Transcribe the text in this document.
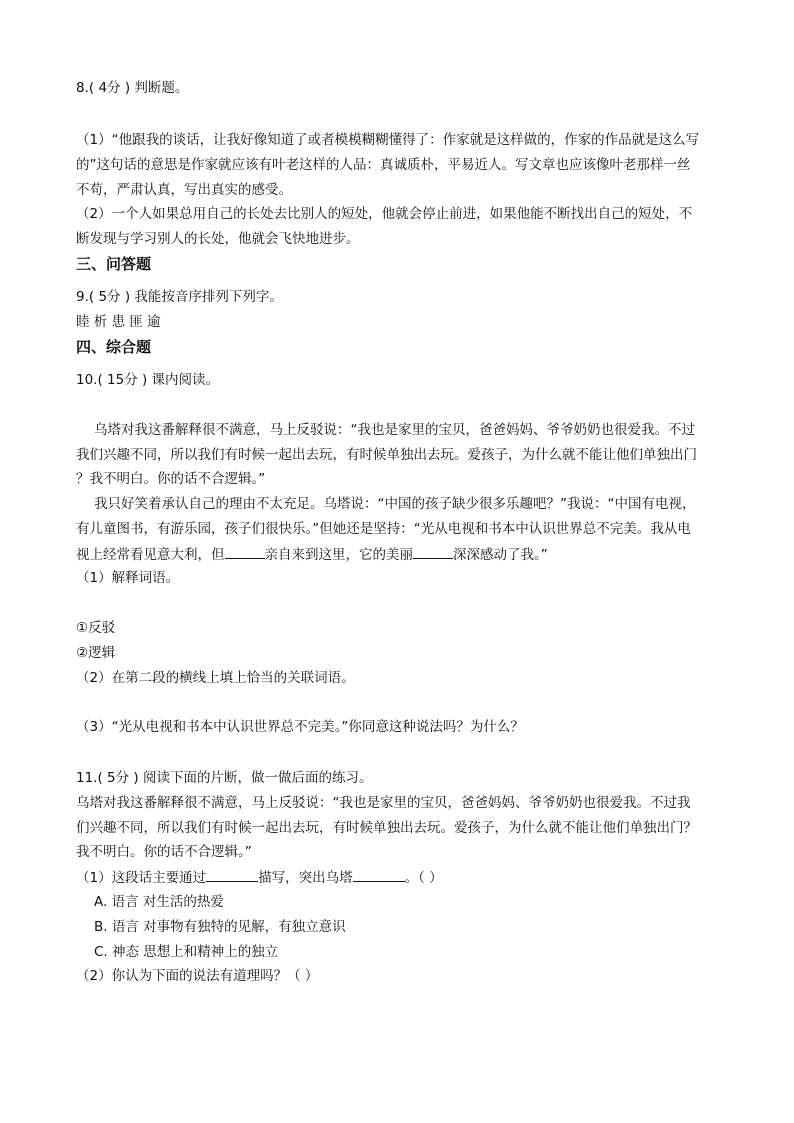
8.( 4分 ) 判断题。
（1）“他跟我的谈话，让我好像知道了或者模模糊糊懂得了：作家就是这样做的，作家的作品就是这么写
的”这句话的意思是作家就应该有叶老这样的人品：真诚质朴，平易近人。写文章也应该像叶老那样一丝
不苟，严肃认真，写出真实的感受。
（2）一个人如果总用自己的长处去比别人的短处，他就会停止前进，如果他能不断找出自己的短处，不
断发现与学习别人的长处，他就会飞快地进步。
三、问答题
9.( 5分 ) 我能按音序排列下列字。
睦 析 患 匪 逾
四、综合题
10.( 15分 ) 课内阅读。
乌塔对我这番解释很不满意，马上反驳说：“我也是家里的宝贝，爸爸妈妈、爷爷奶奶也很爱我。不过
我们兴趣不同，所以我们有时候一起出去玩，有时候单独出去玩。爱孩子，为什么就不能让他们单独出门
？我不明白。你的话不合逻辑。”
我只好笑着承认自己的理由不太充足。乌塔说：“中国的孩子缺少很多乐趣吧？”我说：“中国有电视，
有儿童图书，有游乐园，孩子们很快乐。”但她还是坚持：“光从电视和书本中认识世界总不完美。我从电
视上经常看见意大利，但	亲自来到这里，它的美丽	深深感动了我。”
（1）解释词语。
①反驳
②逻辑
（2）在第二段的横线上填上恰当的关联词语。
（3）“光从电视和书本中认识世界总不完美。”你同意这种说法吗？为什么？
11.( 5分 ) 阅读下面的片断，做一做后面的练习。
乌塔对我这番解释很不满意，马上反驳说：“我也是家里的宝贝，爸爸妈妈、爷爷奶奶也很爱我。不过我
们兴趣不同，所以我们有时候一起出去玩，有时候单独出去玩。爱孩子，为什么就不能让他们单独出门？
我不明白。你的话不合逻辑。”
（1）这段话主要通过	描写，突出乌塔	。（ ）
A. 语言 对生活的热爱
B. 语言 对事物有独特的见解，有独立意识
C. 神态 思想上和精神上的独立
（2）你认为下面的说法有道理吗？（ ）
